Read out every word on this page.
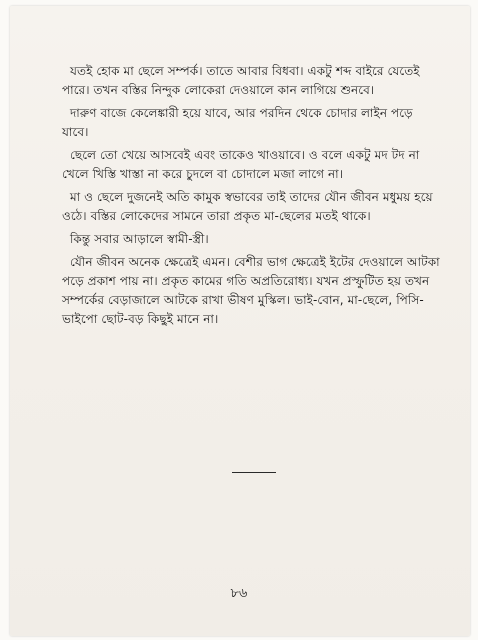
যতই হোক মা ছেলে সম্পর্ক। তাতে আবার বিধবা। একটু শব্দ বাইরে যেতেই পারে। তখন বস্তির নিন্দুক লোকেরা দেওয়ালে কান লাগিয়ে শুনবে।

দারুণ বাজে কেলেঙ্কারী হয়ে যাবে, আর পরদিন থেকে চোদার লাইন পড়ে যাবে।

ছেলে তো খেয়ে আসবেই এবং তাকেও খাওয়াবে। ও বলে একটু মদ টদ না খেলে খিস্তি খাস্তা না করে চুদলে বা চোদালে মজা লাগে না।

মা ও ছেলে দুজনেই অতি কামুক স্বভাবের তাই তাদের যৌন জীবন মধুময় হয়ে ওঠে। বস্তির লোকেদের সামনে তারা প্রকৃত মা-ছেলের মতই থাকে।

কিন্তু সবার আড়ালে স্বামী-স্ত্রী।

যৌন জীবন অনেক ক্ষেত্রেই এমন। বেশীর ভাগ ক্ষেত্রেই ইটের দেওয়ালে আটকা পড়ে প্রকাশ পায় না। প্রকৃত কামের গতি অপ্রতিরোধ্য। যখন প্রস্ফুটিত হয় তখন সম্পর্কের বেড়াজালে আটকে রাখা ভীষণ মুস্কিল। ভাই-বোন, মা-ছেলে, পিসি-ভাইপো ছোট-বড় কিছুই মানে না।

৮৬
